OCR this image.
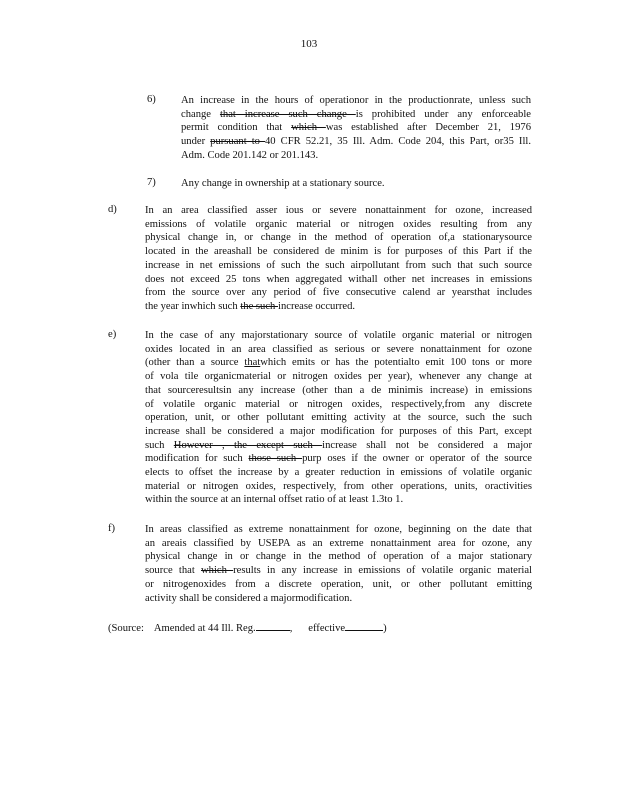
103
6) An increase in the hours of operationor in the productionrate, unless such
change that increase such change is prohibited under any enforceable
permit condition that which was established after December 21, 1976
under pursuant to 40 CFR 52.21, 35 Ill. Adm. Code 204, this Part, or35 Ill.
Adm. Code 201.142 or 201.143.
7) Any change in ownership at a stationary source.
d)	In an area classified asser ious or severe nonattainment for ozone, increased
emissions of volatile organic material or nitrogen oxides resulting from any
physical change in, or change in the method of operation of,a stationarysource
located in the areashall be considered de minim is for purposes of this Part if the
increase in net emissions of such the such airpollutant from such that such source
does not exceed 25 tons when aggregated withall other net increases in emissions
from the source over any period of five consecutive calend ar yearsthat includes
the year inwhich such the such increase occurred.
e)	In the case of any majorstationary source of volatile organic material or nitrogen
oxides located in an area classified as serious or severe nonattainment for ozone
(other than a source thatwhich emits or has the potentialto emit 100 tons or more
of vola tile organicmaterial or nitrogen oxides per year), whenever any change at
that sourceresultsin any increase (other than a de minimis increase) in emissions
of volatile organic material or nitrogen oxides, respectively,from any discrete
operation, unit, or other pollutant emitting activity at the source, such the such
increase shall be considered a major modification for purposes of this Part, except
such However , the except such increase shall not be considered a major
modification for such those such purp oses if the owner or operator of the source
elects to offset the increase by a greater reduction in emissions of volatile organic
material or nitrogen oxides, respectively, from other operations, units, oractivities
within the source at an internal offset ratio of at least 1.3to 1.
f)	In areas classified as extreme nonattainment for ozone, beginning on the date that
an areais classified by USEPA as an extreme nonattainment area for ozone, any
physical change in or change in the method of operation of a major stationary
source that which results in any increase in emissions of volatile organic material
or nitrogenoxides from a discrete operation, unit, or other pollutant emitting
activity shall be considered a majormodification.
(Source: Amended at 44 Ill. Reg.	, effective	)
